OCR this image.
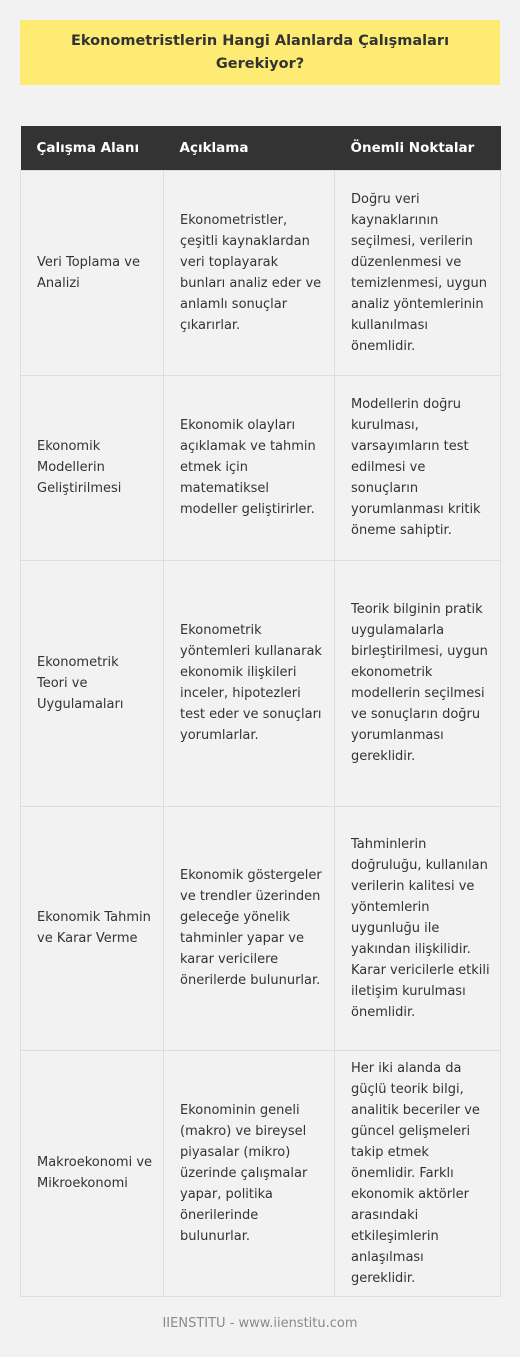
Ekonometristlerin Hangi Alanlarda Çalışmaları Gerekiyor?
Çalışma Alanı	Açıklama	Önemli Noktalar
Veri Toplama ve Analizi	Ekonometristler, çeşitli kaynaklardan veri toplayarak bunları analiz eder ve anlamlı sonuçlar çıkarırlar.	Doğru veri kaynaklarının seçilmesi, verilerin düzenlenmesi ve temizlenmesi, uygun analiz yöntemlerinin kullanılması önemlidir.
Ekonomik Modellerin Geliştirilmesi	Ekonomik olayları açıklamak ve tahmin etmek için matematiksel modeller geliştirirler.	Modellerin doğru kurulması, varsayımların test edilmesi ve sonuçların yorumlanması kritik öneme sahiptir.
Ekonometrik Teori ve Uygulamaları	Ekonometrik yöntemleri kullanarak ekonomik ilişkileri inceler, hipotezleri test eder ve sonuçları yorumlarlar.	Teorik bilginin pratik uygulamalarla birleştirilmesi, uygun ekonometrik modellerin seçilmesi ve sonuçların doğru yorumlanması gereklidir.
Ekonomik Tahmin ve Karar Verme	Ekonomik göstergeler ve trendler üzerinden geleceğe yönelik tahminler yapar ve karar vericilere önerilerde bulunurlar.	Tahminlerin doğruluğu, kullanılan verilerin kalitesi ve yöntemlerin uygunluğu ile yakından ilişkilidir. Karar vericilerle etkili iletişim kurulması önemlidir.
Makroekonomi ve Mikroekonomi	Ekonominin geneli (makro) ve bireysel piyasalar (mikro) üzerinde çalışmalar yapar, politika önerilerinde bulunurlar.	Her iki alanda da güçlü teorik bilgi, analitik beceriler ve güncel gelişmeleri takip etmek önemlidir. Farklı ekonomik aktörler arasındaki etkileşimlerin anlaşılması gereklidir.
IIENSTITU - www.iienstitu.com
